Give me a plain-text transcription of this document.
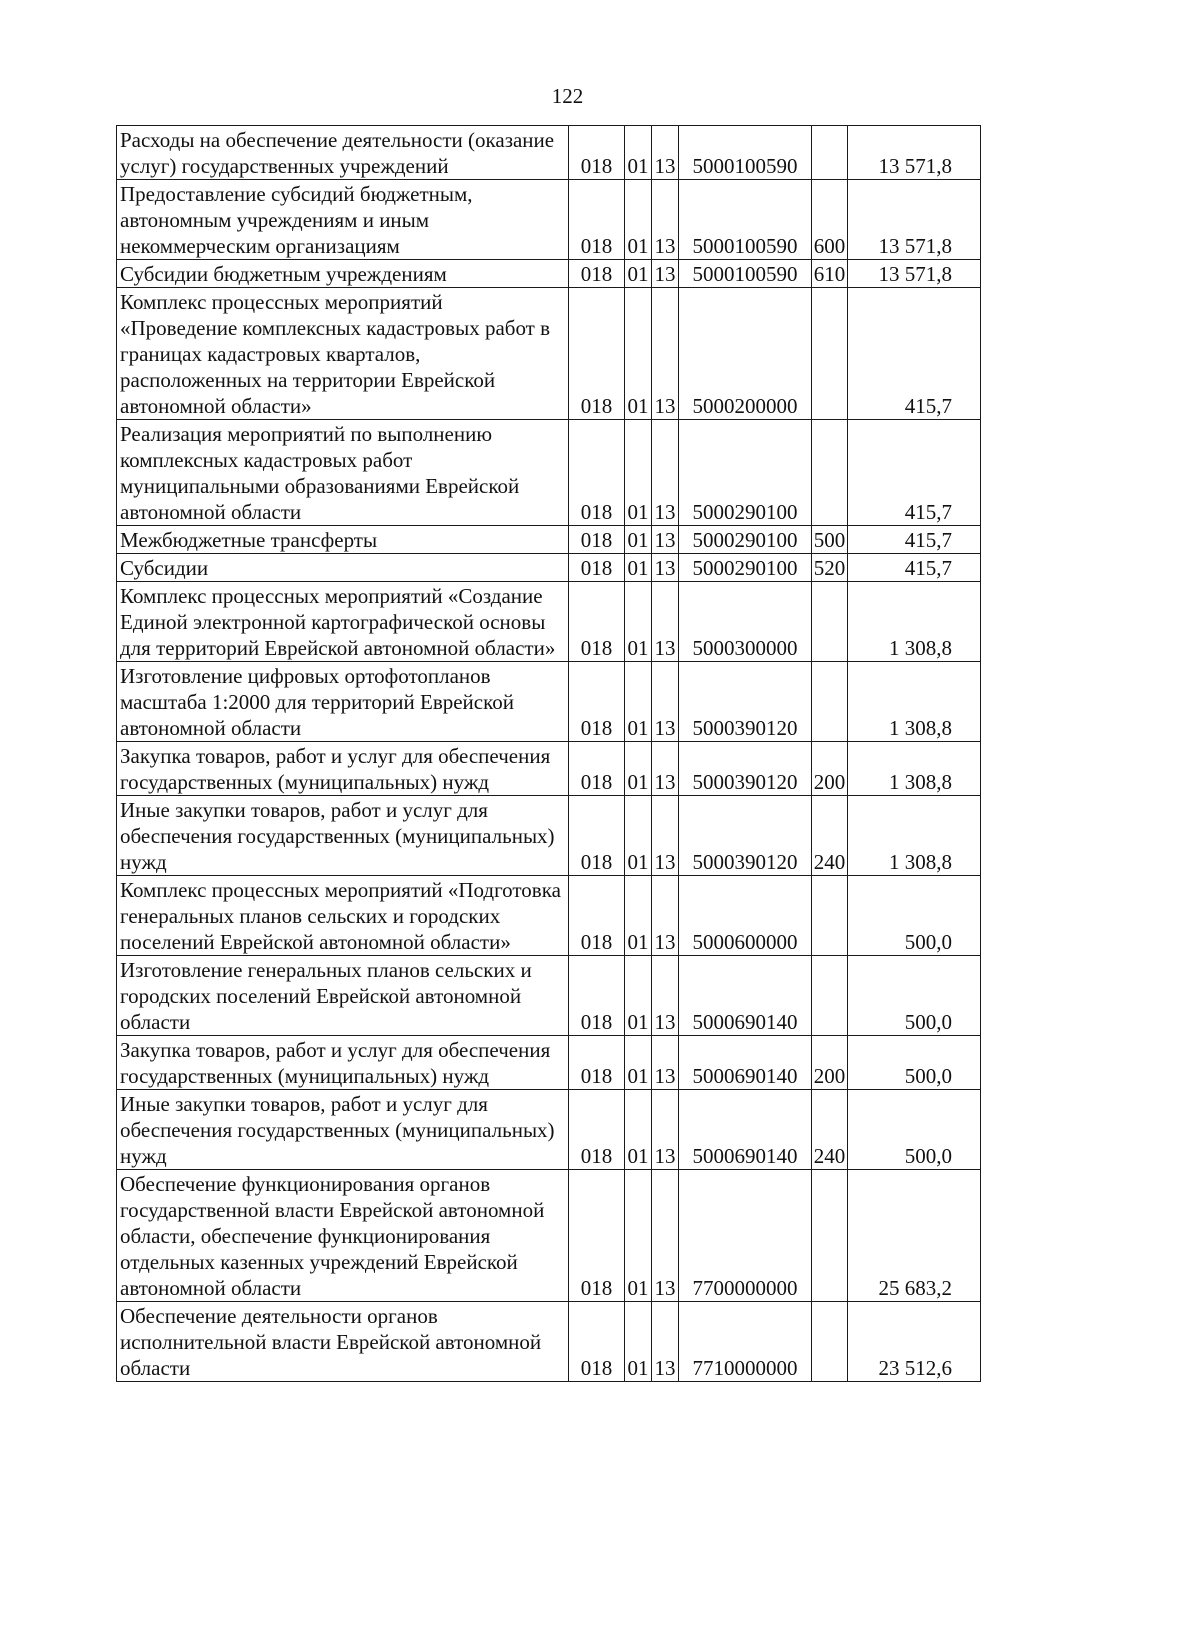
122
Расходы на обеспечение деятельности (оказание услуг) государственных учреждений	018	01	13	5000100590		13 571,8
Предоставление субсидий бюджетным, автономным учреждениям и иным некоммерческим организациям	018	01	13	5000100590	600	13 571,8
Субсидии бюджетным учреждениям	018	01	13	5000100590	610	13 571,8
Комплекс процессных мероприятий «Проведение комплексных кадастровых работ в границах кадастровых кварталов, расположенных на территории Еврейской автономной области»	018	01	13	5000200000		415,7
Реализация мероприятий по выполнению комплексных кадастровых работ муниципальными образованиями Еврейской автономной области	018	01	13	5000290100		415,7
Межбюджетные трансферты	018	01	13	5000290100	500	415,7
Субсидии	018	01	13	5000290100	520	415,7
Комплекс процессных мероприятий «Создание Единой электронной картографической основы для территорий Еврейской автономной области»	018	01	13	5000300000		1 308,8
Изготовление цифровых ортофотопланов масштаба 1:2000 для территорий Еврейской автономной области	018	01	13	5000390120		1 308,8
Закупка товаров, работ и услуг для обеспечения государственных (муниципальных) нужд	018	01	13	5000390120	200	1 308,8
Иные закупки товаров, работ и услуг для обеспечения государственных (муниципальных) нужд	018	01	13	5000390120	240	1 308,8
Комплекс процессных мероприятий «Подготовка генеральных планов сельских и городских поселений Еврейской автономной области»	018	01	13	5000600000		500,0
Изготовление генеральных планов сельских и городских поселений Еврейской автономной области	018	01	13	5000690140		500,0
Закупка товаров, работ и услуг для обеспечения государственных (муниципальных) нужд	018	01	13	5000690140	200	500,0
Иные закупки товаров, работ и услуг для обеспечения государственных (муниципальных) нужд	018	01	13	5000690140	240	500,0
Обеспечение функционирования органов государственной власти Еврейской автономной области, обеспечение функционирования отдельных казенных учреждений Еврейской автономной области	018	01	13	7700000000		25 683,2
Обеспечение деятельности органов исполнительной власти Еврейской автономной области	018	01	13	7710000000		23 512,6
